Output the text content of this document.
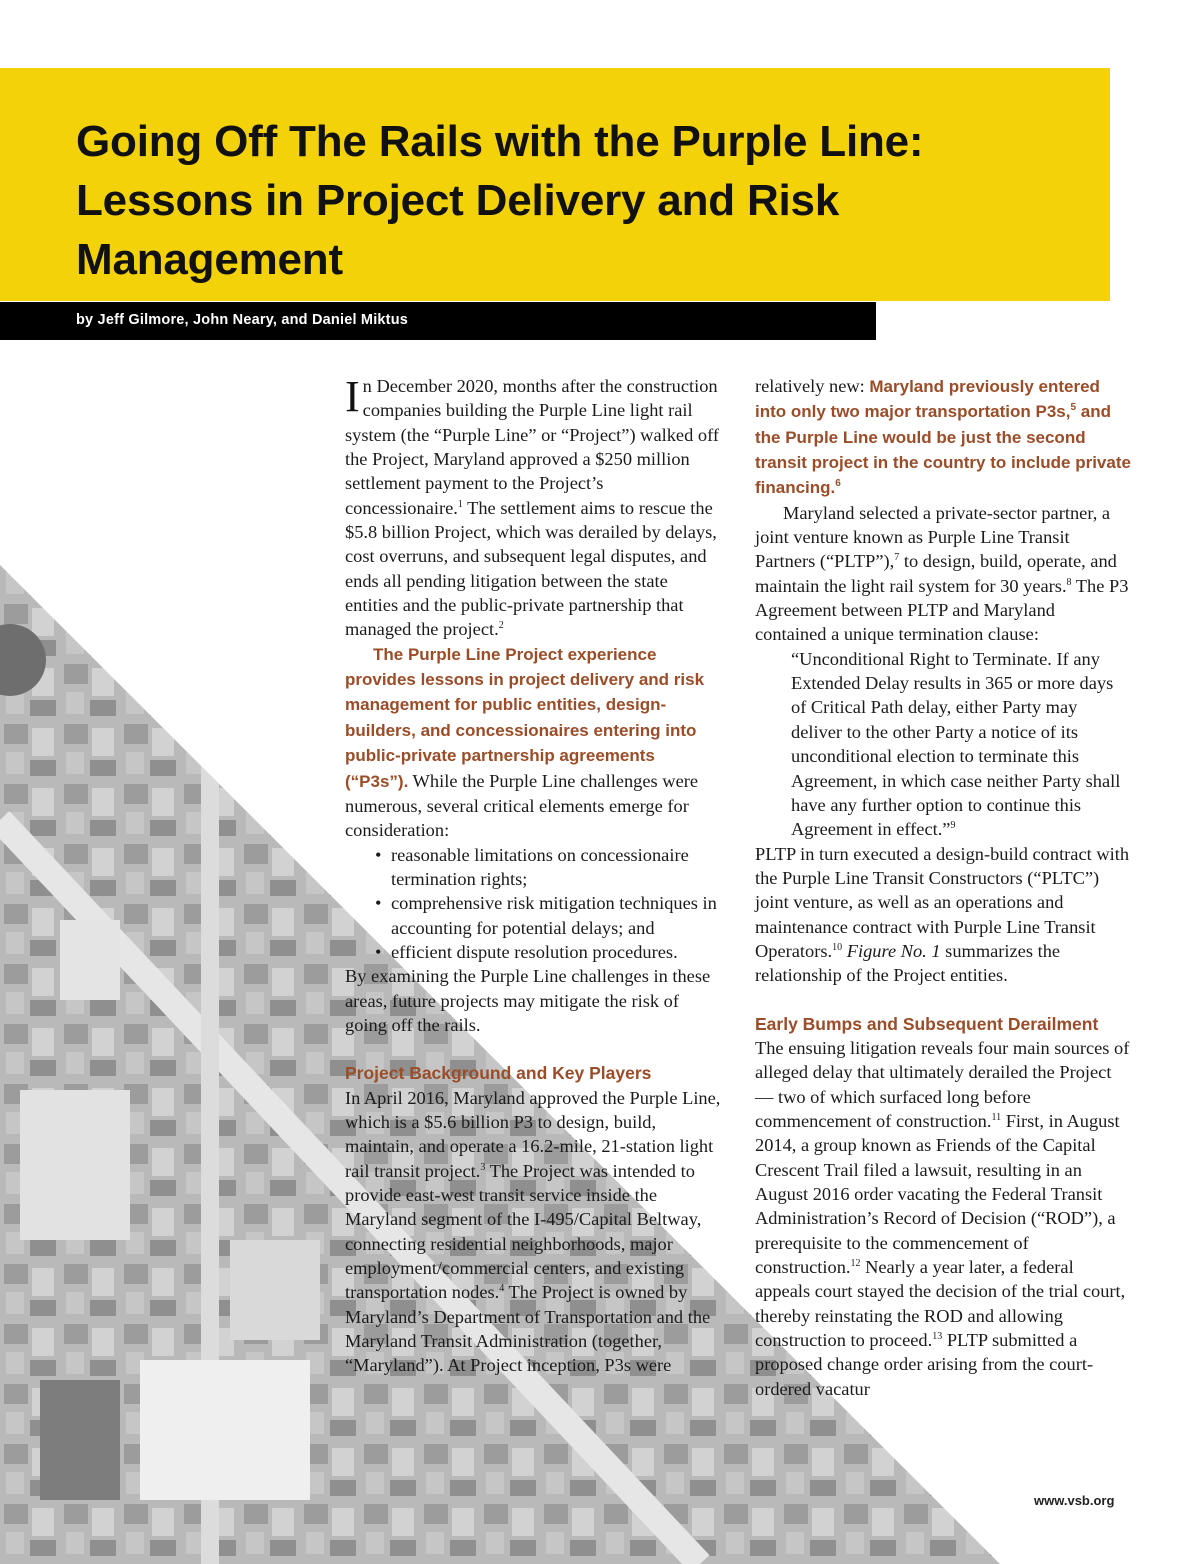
Going Off The Rails with the Purple Line:
Lessons in Project Delivery and Risk
Management

by Jeff Gilmore, John Neary, and Daniel Miktus

In December 2020, months after the construction companies building the Purple Line light rail system (the “Purple Line” or “Project”) walked off the Project, Maryland approved a $250 million settlement payment to the Project’s concessionaire.$^1$ The settlement aims to rescue the $5.8 billion Project, which was derailed by delays, cost overruns, and subsequent legal disputes, and ends all pending litigation between the state entities and the public-private partnership that managed the project.$^2$

The Purple Line Project experience provides lessons in project delivery and risk management for public entities, design-builders, and concessionaires entering into public-private partnership agreements (“P3s”). While the Purple Line challenges were numerous, several critical elements emerge for consideration:

• reasonable limitations on concessionaire termination rights;
• comprehensive risk mitigation techniques in accounting for potential delays; and
• efficient dispute resolution procedures.

By examining the Purple Line challenges in these areas, future projects may mitigate the risk of going off the rails.

Project Background and Key Players

In April 2016, Maryland approved the Purple Line, which is a $5.6 billion P3 to design, build, maintain, and operate a 16.2-mile, 21-station light rail transit project.$^3$ The Project was intended to provide east-west transit service inside the Maryland segment of the I-495/Capital Beltway, connecting residential neighborhoods, major employment/commercial centers, and existing transportation nodes.$^4$ The Project is owned by Maryland’s Department of Transportation and the Maryland Transit Administration (together, “Maryland”). At Project inception, P3s were

relatively new: Maryland previously entered into only two major transportation P3s,$^5$ and the Purple Line would be just the second transit project in the country to include private financing.$^6$

Maryland selected a private-sector partner, a joint venture known as Purple Line Transit Partners (“PLTP”),$^7$ to design, build, operate, and maintain the light rail system for 30 years.$^8$ The P3 Agreement between PLTP and Maryland contained a unique termination clause:

“Unconditional Right to Terminate. If any Extended Delay results in 365 or more days of Critical Path delay, either Party may deliver to the other Party a notice of its unconditional election to terminate this Agreement, in which case neither Party shall have any further option to continue this Agreement in effect.”$^9$

PLTP in turn executed a design-build contract with the Purple Line Transit Constructors (“PLTC”) joint venture, as well as an operations and maintenance contract with Purple Line Transit Operators.$^{10}$ Figure No. 1 summarizes the relationship of the Project entities.

Early Bumps and Subsequent Derailment

The ensuing litigation reveals four main sources of alleged delay that ultimately derailed the Project — two of which surfaced long before commencement of construction.$^{11}$ First, in August 2014, a group known as Friends of the Capital Crescent Trail filed a lawsuit, resulting in an August 2016 order vacating the Federal Transit Administration’s Record of Decision (“ROD”), a prerequisite to the commencement of construction.$^{12}$ Nearly a year later, a federal appeals court stayed the decision of the trial court, thereby reinstating the ROD and allowing construction to proceed.$^{13}$ PLTP submitted a proposed change order arising from the court-ordered vacatur

www.vsb.org
